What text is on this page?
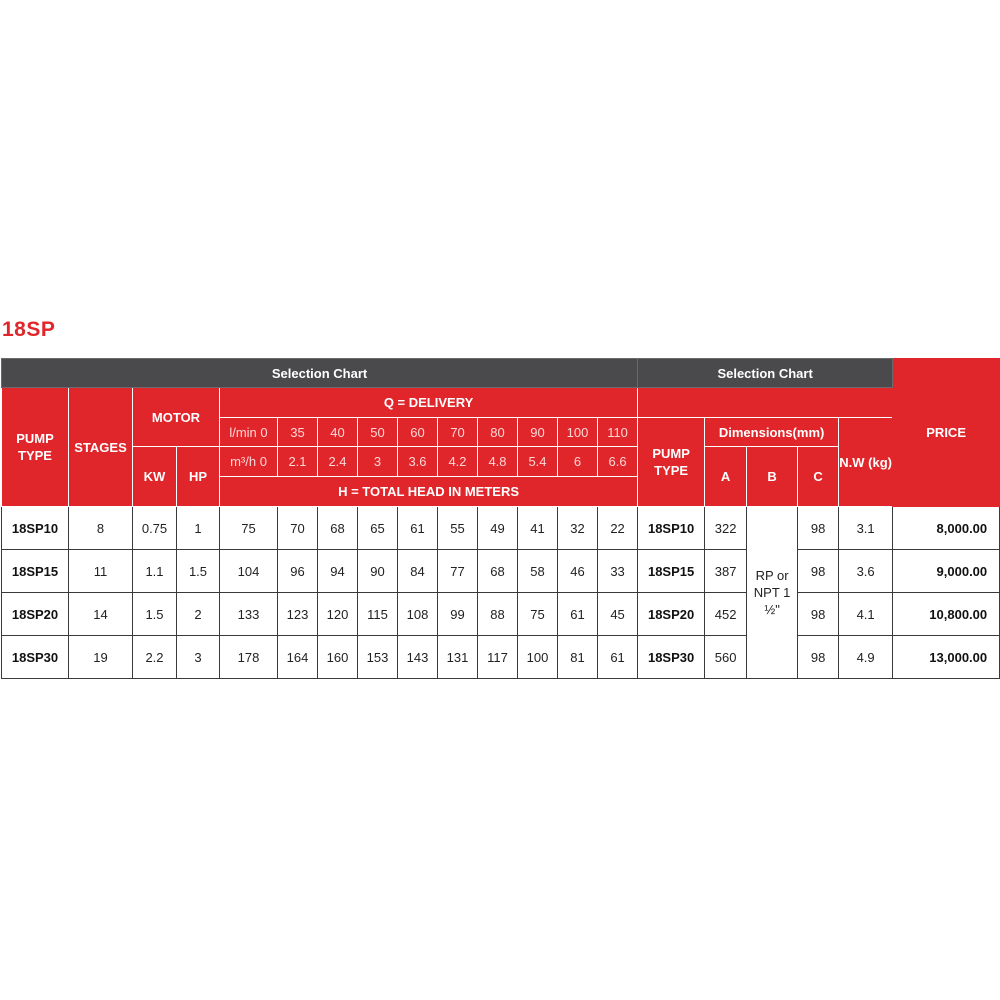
18SP
Selection Chart														Selection Chart					PRICE
PUMP TYPE	STAGES	MOTOR		Q = DELIVERY															
				l/min 0	35	40	50	60	70	80	90	100	110	PUMP TYPE	Dimensions(mm)			N.W (kg)	
		KW	HP	m³/h 0	2.1	2.4	3	3.6	4.2	4.8	5.4	6	6.6		A	B	C		
				H = TOTAL HEAD IN METERS															
18SP10	8	0.75	1	75	70	68	65	61	55	49	41	32	22	18SP10	322	RP or NPT 1 ½"	98	3.1	8,000.00
18SP15	11	1.1	1.5	104	96	94	90	84	77	68	58	46	33	18SP15	387		98	3.6	9,000.00
18SP20	14	1.5	2	133	123	120	115	108	99	88	75	61	45	18SP20	452		98	4.1	10,800.00
18SP30	19	2.2	3	178	164	160	153	143	131	117	100	81	61	18SP30	560		98	4.9	13,000.00
